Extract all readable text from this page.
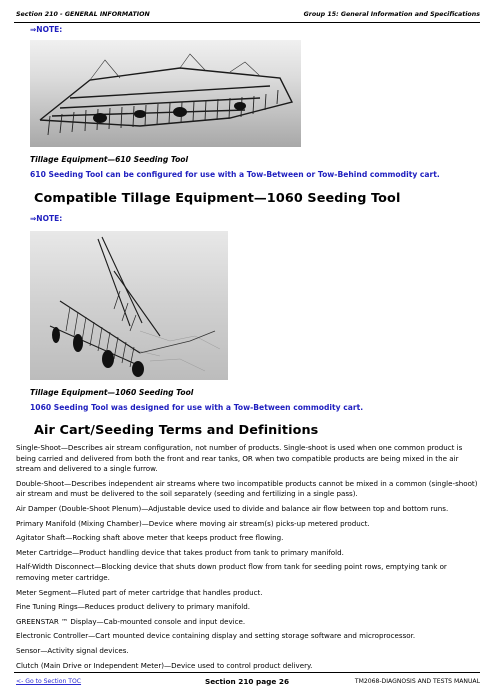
Section 210 - GENERAL INFORMATION	Group 15: General Information and Specifications
⇒NOTE:
Tillage Equipment—610 Seeding Tool
610 Seeding Tool can be configured for use with a Tow-Between or Tow-Behind commodity cart.
Compatible Tillage Equipment—1060 Seeding Tool
⇒NOTE:
Tillage Equipment—1060 Seeding Tool
1060 Seeding Tool was designed for use with a Tow-Between commodity cart.
Air Cart/Seeding Terms and Definitions

Single-Shoot—Describes air stream configuration, not number of products. Single-shoot is used when one common product is being carried and delivered from both the front and rear tanks, OR when two compatible products are being mixed in the air stream and delivered to a single furrow.

Double-Shoot—Describes independent air streams where two incompatible products cannot be mixed in a common (single-shoot) air stream and must be delivered to the soil separately (seeding and fertilizing in a single pass).

Air Damper (Double-Shoot Plenum)—Adjustable device used to divide and balance air flow between top and bottom runs.

Primary Manifold (Mixing Chamber)—Device where moving air stream(s) picks-up metered product.

Agitator Shaft—Rocking shaft above meter that keeps product free flowing.

Meter Cartridge—Product handling device that takes product from tank to primary manifold.

Half-Width Disconnect—Blocking device that shuts down product flow from tank for seeding point rows, emptying tank or removing meter cartridge.

Meter Segment—Fluted part of meter cartridge that handles product.

Fine Tuning Rings—Reduces product delivery to primary manifold.

GREENSTAR ™ Display—Cab-mounted console and input device.

Electronic Controller—Cart mounted device containing display and setting storage software and microprocessor.

Sensor—Activity signal devices.

Clutch (Main Drive or Independent Meter)—Device used to control product delivery.

<- Go to Section TOC	Section 210 page 26	TM2068-DIAGNOSIS AND TESTS MANUAL
